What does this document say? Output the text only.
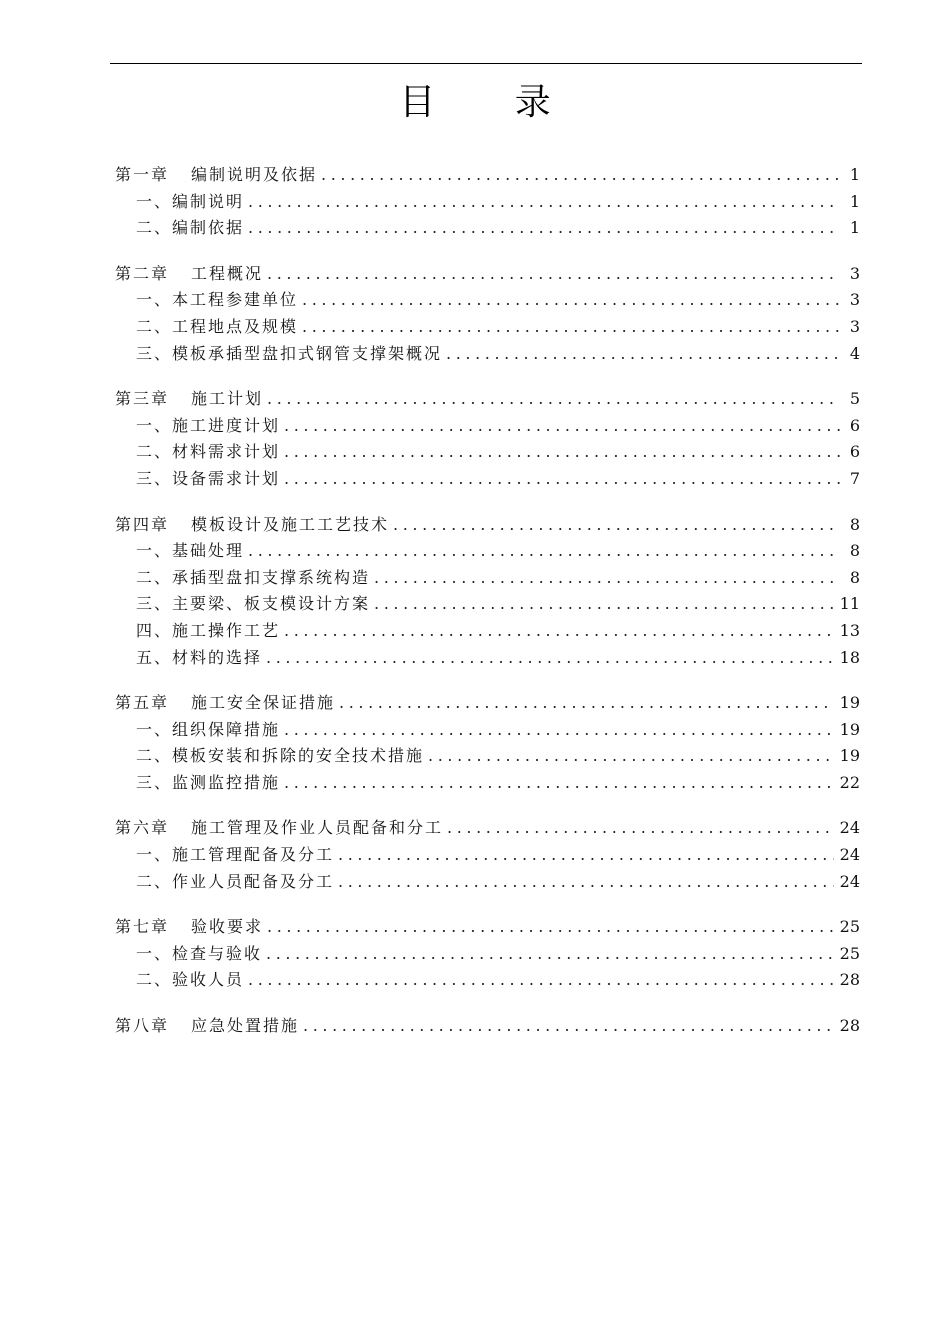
目 录
第一章 编制说明及依据 .....	1
一、编制说明 .....	1
二、编制依据 .....	1
第二章 工程概况 .....	3
一、本工程参建单位 .....	3
二、工程地点及规模 .....	3
三、模板承插型盘扣式钢管支撑架概况 .....	4
第三章 施工计划 .....	5
一、施工进度计划 .....	6
二、材料需求计划 .....	6
三、设备需求计划 .....	7
第四章 模板设计及施工工艺技术 .....	8
一、基础处理 .....	8
二、承插型盘扣支撑系统构造 .....	8
三、主要梁、板支模设计方案 .....	11
四、施工操作工艺 .....	13
五、材料的选择 .....	18
第五章 施工安全保证措施 .....	19
一、组织保障措施 .....	19
二、模板安装和拆除的安全技术措施 .....	19
三、监测监控措施 .....	22
第六章 施工管理及作业人员配备和分工 .....	24
一、施工管理配备及分工 .....	24
二、作业人员配备及分工 .....	24
第七章 验收要求 .....	25
一、检查与验收 .....	25
二、验收人员 .....	28
第八章 应急处置措施 .....	28
